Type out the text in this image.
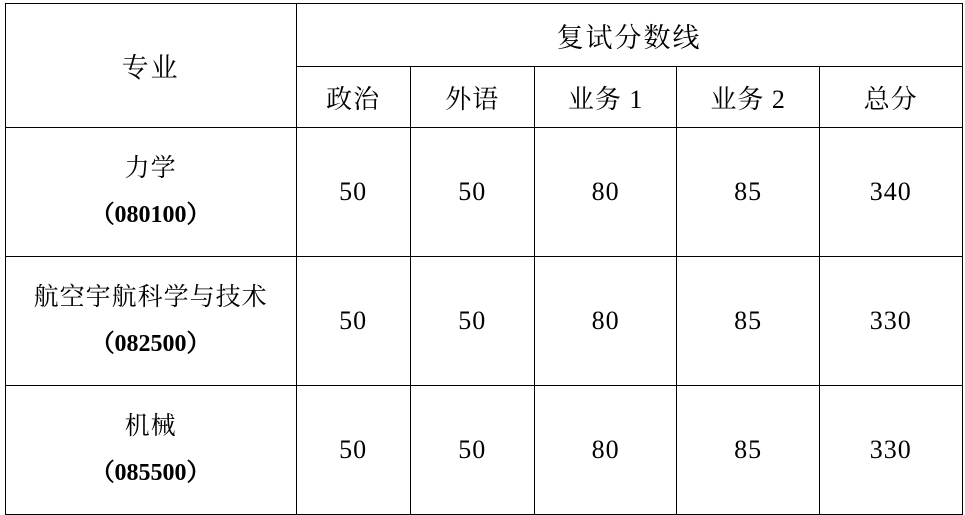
专业	复试分数线				
	政治	外语	业务 1	业务 2	总分

力学
（080100）	50	50	80	85	340

航空宇航科学与技术
（082500）	50	50	80	85	330

机械
（085500）	50	50	80	85	330
